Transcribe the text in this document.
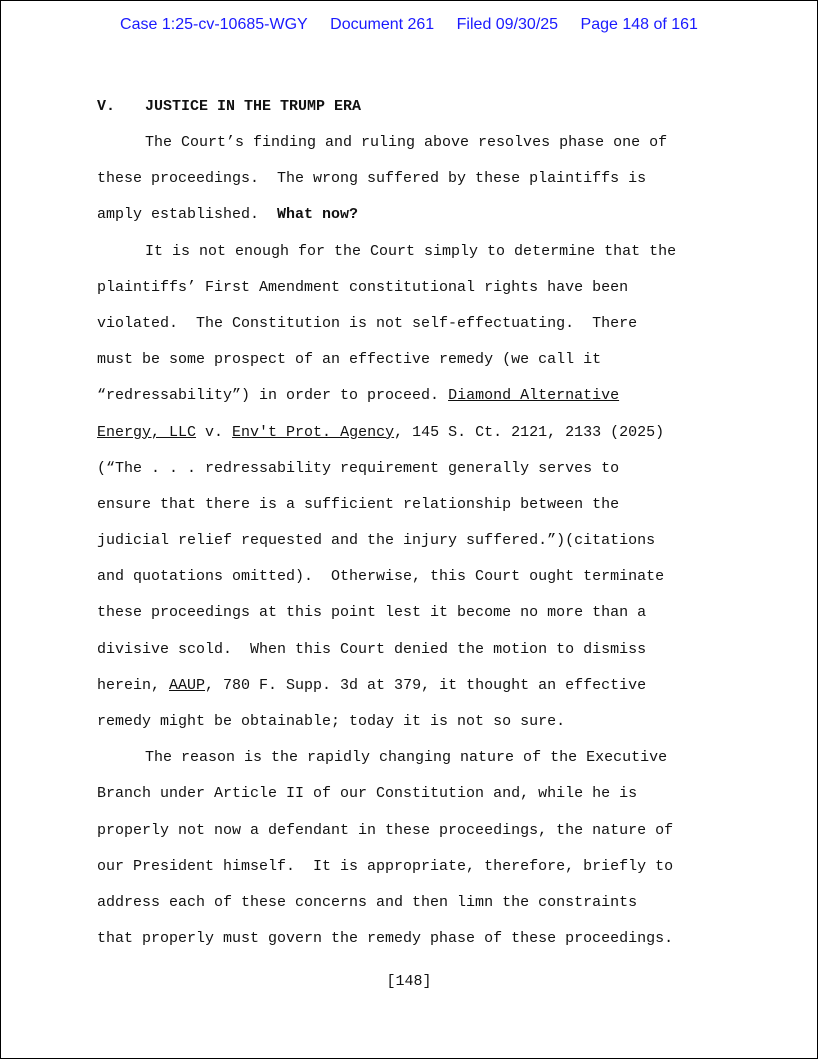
Case 1:25-cv-10685-WGY Document 261 Filed 09/30/25 Page 148 of 161
V. JUSTICE IN THE TRUMP ERA
The Court’s finding and ruling above resolves phase one of
these proceedings.  The wrong suffered by these plaintiffs is
amply established.  What now?
It is not enough for the Court simply to determine that the
plaintiffs’ First Amendment constitutional rights have been
violated.  The Constitution is not self-effectuating.  There
must be some prospect of an effective remedy (we call it
“redressability”) in order to proceed. Diamond Alternative
Energy, LLC v. Env't Prot. Agency, 145 S. Ct. 2121, 2133 (2025)
(“The . . . redressability requirement generally serves to
ensure that there is a sufficient relationship between the
judicial relief requested and the injury suffered.”)(citations
and quotations omitted).  Otherwise, this Court ought terminate
these proceedings at this point lest it become no more than a
divisive scold.  When this Court denied the motion to dismiss
herein, AAUP, 780 F. Supp. 3d at 379, it thought an effective
remedy might be obtainable; today it is not so sure.
The reason is the rapidly changing nature of the Executive
Branch under Article II of our Constitution and, while he is
properly not now a defendant in these proceedings, the nature of
our President himself.  It is appropriate, therefore, briefly to
address each of these concerns and then limn the constraints
that properly must govern the remedy phase of these proceedings.
[148]
